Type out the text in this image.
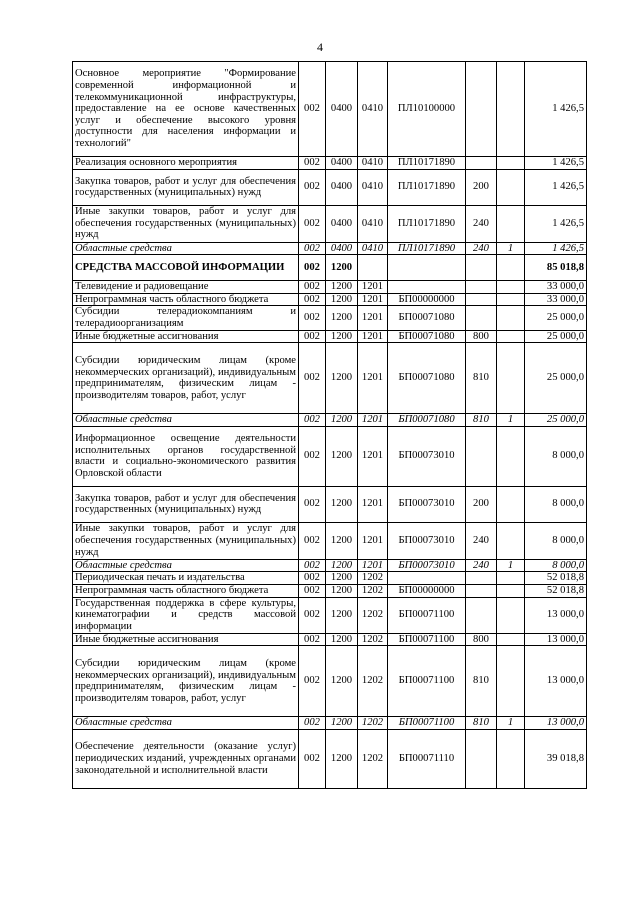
4
Основное мероприятие "Формирование современной информационной и телекоммуникационной инфраструктуры, предоставление на ее основе качественных услуг и обеспечение высокого уровня доступности для населения информации и технологий"	002	0400	0410	ПЛ10100000			1 426,5
Реализация основного мероприятия	002	0400	0410	ПЛ10171890			1 426,5
Закупка товаров, работ и услуг для обеспечения государственных (муниципальных) нужд	002	0400	0410	ПЛ10171890	200		1 426,5
Иные закупки товаров, работ и услуг для обеспечения государственных (муниципальных) нужд	002	0400	0410	ПЛ10171890	240		1 426,5
Областные средства	002	0400	0410	ПЛ10171890	240	1	1 426,5
СРЕДСТВА МАССОВОЙ ИНФОРМАЦИИ	002	1200					85 018,8
Телевидение и радиовещание	002	1200	1201				33 000,0
Непрограммная часть областного бюджета	002	1200	1201	БП00000000			33 000,0
Субсидии телерадиокомпаниям и телерадиоорганизациям	002	1200	1201	БП00071080			25 000,0
Иные бюджетные ассигнования	002	1200	1201	БП00071080	800		25 000,0
Субсидии юридическим лицам (кроме некоммерческих организаций), индивидуальным предпринимателям, физическим лицам - производителям товаров, работ, услуг	002	1200	1201	БП00071080	810		25 000,0
Областные средства	002	1200	1201	БП00071080	810	1	25 000,0
Информационное освещение деятельности исполнительных органов государственной власти и социально-экономического развития Орловской области	002	1200	1201	БП00073010			8 000,0
Закупка товаров, работ и услуг для обеспечения государственных (муниципальных) нужд	002	1200	1201	БП00073010	200		8 000,0
Иные закупки товаров, работ и услуг для обеспечения государственных (муниципальных) нужд	002	1200	1201	БП00073010	240		8 000,0
Областные средства	002	1200	1201	БП00073010	240	1	8 000,0
Периодическая печать и издательства	002	1200	1202				52 018,8
Непрограммная часть областного бюджета	002	1200	1202	БП00000000			52 018,8
Государственная поддержка в сфере культуры, кинематографии и средств массовой информации	002	1200	1202	БП00071100			13 000,0
Иные бюджетные ассигнования	002	1200	1202	БП00071100	800		13 000,0
Субсидии юридическим лицам (кроме некоммерческих организаций), индивидуальным предпринимателям, физическим лицам - производителям товаров, работ, услуг	002	1200	1202	БП00071100	810		13 000,0
Областные средства	002	1200	1202	БП00071100	810	1	13 000,0
Обеспечение деятельности (оказание услуг) периодических изданий, учрежденных органами законодательной и исполнительной власти	002	1200	1202	БП00071110			39 018,8
